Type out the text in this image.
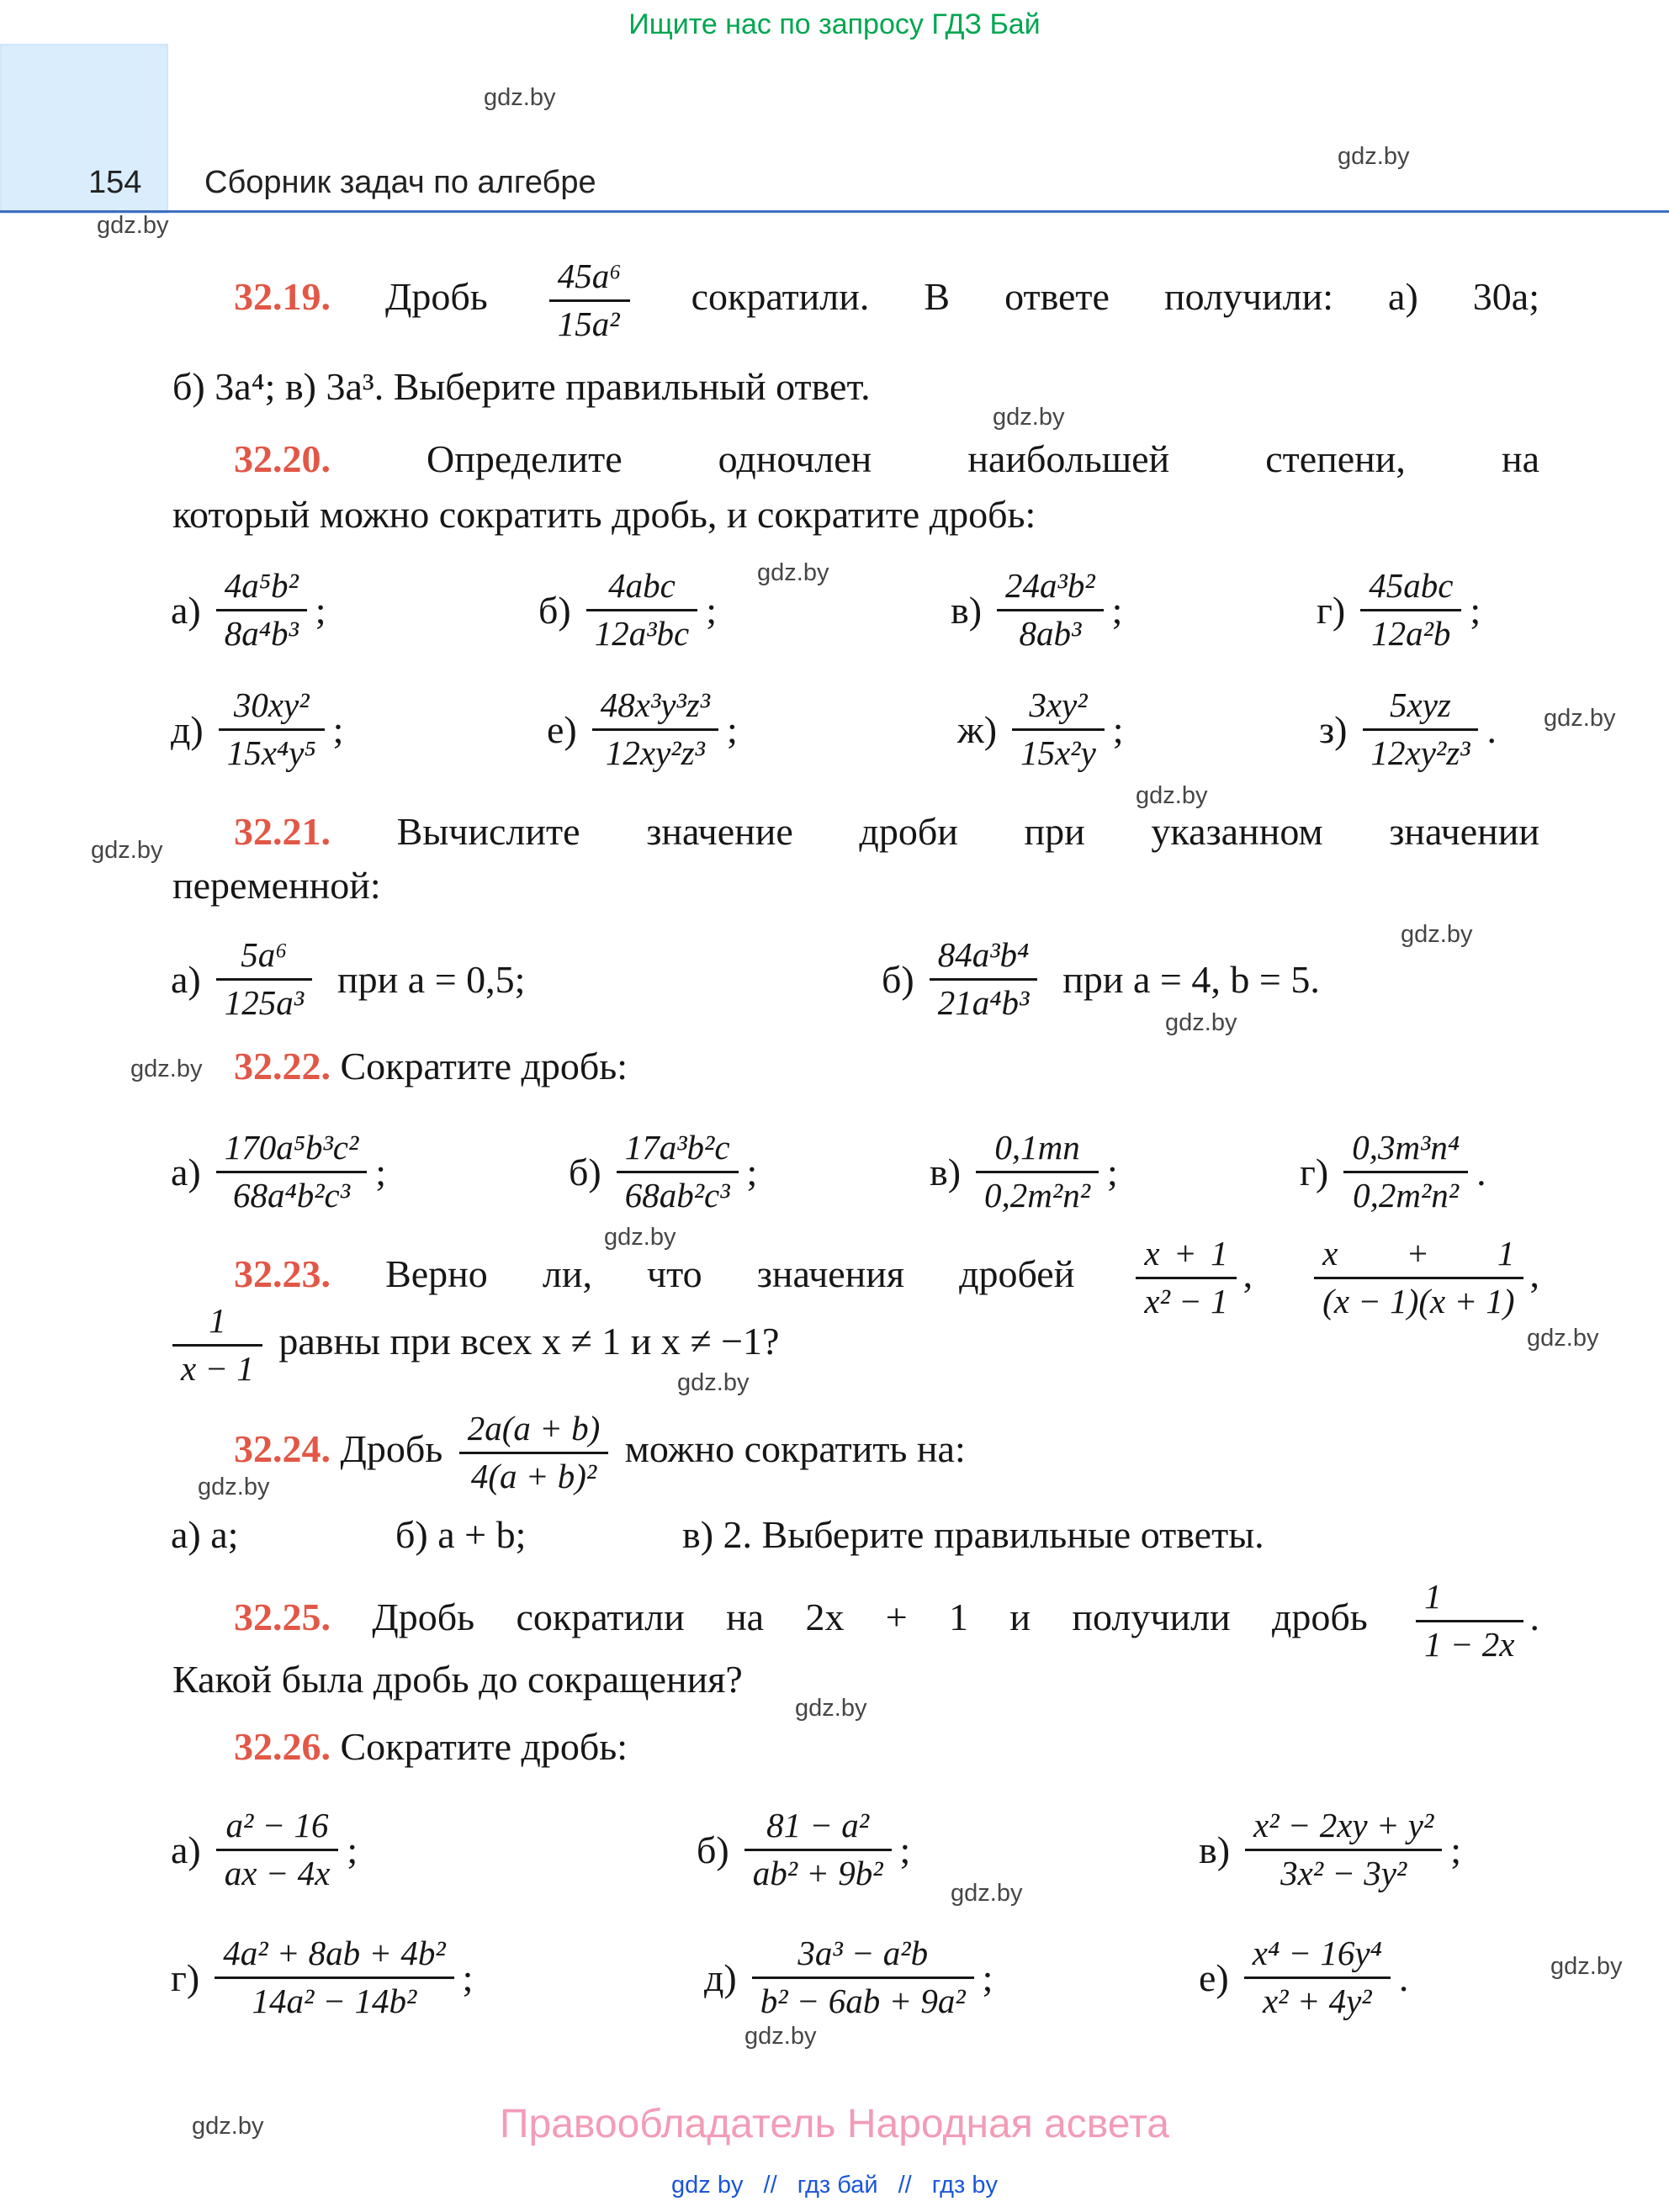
Ищите нас по запросу ГДЗ Бай
154 Сборник задач по алгебре
32.19. Дробь $\frac{\text{45a⁶}}{\text{15a²}}$ сократили. В ответе получили: а) 30a;
б) 3a⁴; в) 3a³. Выберите правильный ответ.
32.20. Определите одночлен наибольшей степени, на
который можно сократить дробь, и сократите дробь:
$а) \frac{\text{4a⁵b²}}{\text{8a⁴b³}}$ ;	$б) \frac{\text{4abc}}{\text{12a³bc}}$ ;	$в) \frac{\text{24a³b²}}{\text{8ab³}}$ ;	$г) \frac{\text{45abc}}{\text{12a²b}}$ ;
$д) \frac{\text{30xy²}}{\text{15x⁴y⁵}}$ ;	$е) \frac{\text{48x³y³z³}}{\text{12xy²z³}}$ ;	$ж) \frac{\text{3xy²}}{\text{15x²y}}$ ;	$з) \frac{\text{5xyz}}{\text{12xy²z³}}$ .
32.21. Вычислите значение дроби при указанном значении
переменной:
$а) \frac{\text{5a⁶}}{\text{125a³}}$ при a = 0,5;	$б) \frac{\text{84a³b⁴}}{\text{21a⁴b³}}$ при a = 4, b = 5.
32.22. Сократите дробь:
$а) \frac{\text{170a⁵b³c²}}{\text{68a⁴b²c³}}$ ;	$б) \frac{\text{17a³b²c}}{\text{68ab²c³}}$ ;	$в) \frac{0,1mn}{\text{0,2m²n²}}$ ;	$г) \frac{\text{0,3m³n⁴}}{\text{0,2m²n²}}$ .
32.23. Верно ли, что значения дробей $\frac{x + 1}{\text{x² − 1}}$ , $\frac{x + 1}{(x - 1)(x + 1)}$ ,
$\frac{1}{x - 1}$ равны при всех x ≠ 1 и x ≠ −1?
32.24. Дробь $\frac{2a(a + b)}{\text{4(a + b)²}}$ можно сократить на:
а) a;	б) a + b;	в) 2. Выберите правильные ответы.
32.25. Дробь сократили на 2x + 1 и получили дробь $\frac{1}{1 - 2x}$ .
Какой была дробь до сокращения?
32.26. Сократите дробь:
$а) \frac{\text{a² − 16}}{ax - 4x}$ ;	$б) \frac{\text{81 − a²}}{\text{ab² + 9b²}}$ ;	$в) \frac{\text{x² − 2xy + y²}}{\text{3x² − 3y²}}$ ;
$г) \frac{\text{4a² + 8ab + 4b²}}{\text{14a² − 14b²}}$ ;	$д) \frac{\text{3a³ − a²b}}{\text{b² − 6ab + 9a²}}$ ;	$е) \frac{\text{x⁴ − 16y⁴}}{\text{x² + 4y²}}$ .
Правообладатель Народная асвета
gdz by // гдз бай // гдз by
gdz.by
gdz.by
gdz.by
gdz.by
gdz.by
gdz.by
gdz.by
gdz.by
gdz.by
gdz.by
gdz.by
gdz.by
gdz.by
gdz.by
gdz.by
gdz.by
gdz.by
gdz.by
gdz.by
gdz.by
